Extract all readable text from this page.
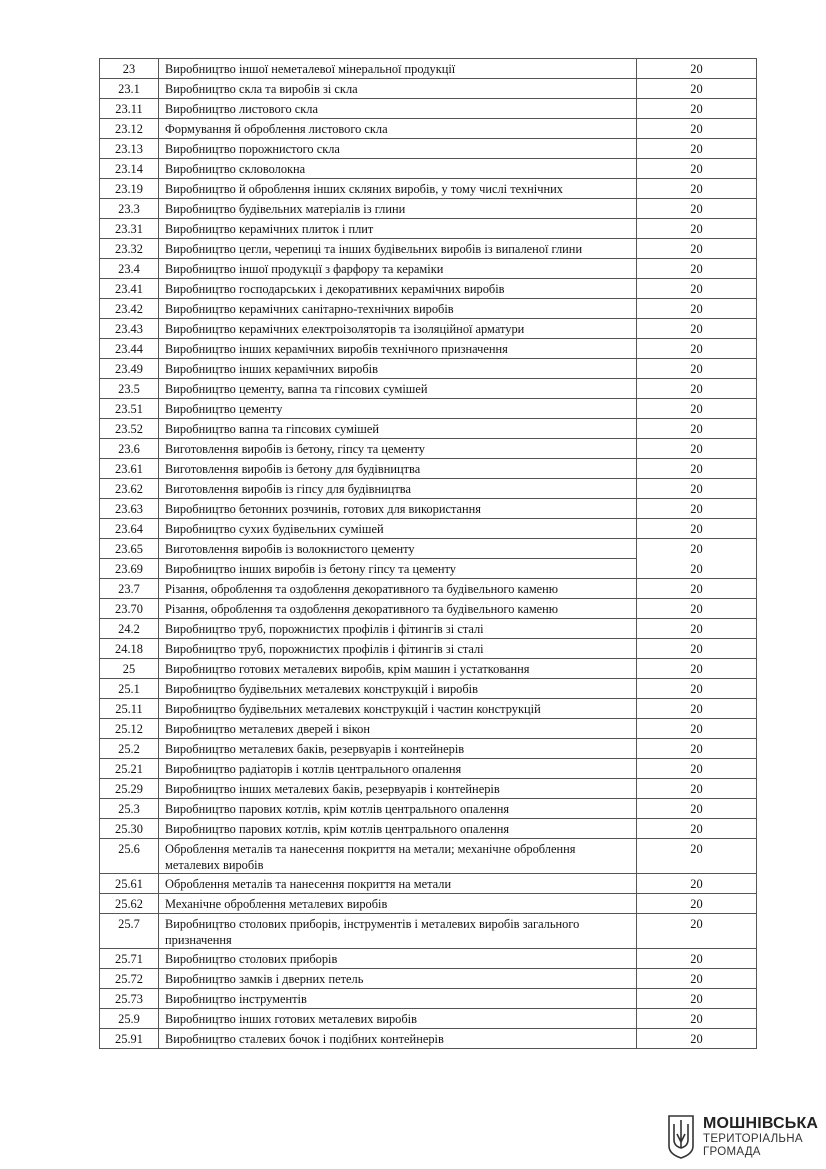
23	Виробництво іншої неметалевої мінеральної продукції	20
23.1	Виробництво скла та виробів зі скла	20
23.11	Виробництво листового скла	20
23.12	Формування й оброблення листового скла	20
23.13	Виробництво порожнистого скла	20
23.14	Виробництво скловолокна	20
23.19	Виробництво й оброблення інших скляних виробів, у тому числі технічних	20
23.3	Виробництво будівельних матеріалів із глини	20
23.31	Виробництво керамічних плиток і плит	20
23.32	Виробництво цегли, черепиці та інших будівельних виробів із випаленої глини	20
23.4	Виробництво іншої продукції з фарфору та кераміки	20
23.41	Виробництво господарських і декоративних керамічних виробів	20
23.42	Виробництво керамічних санітарно-технічних виробів	20
23.43	Виробництво керамічних електроізоляторів та ізоляційної арматури	20
23.44	Виробництво інших керамічних виробів технічного призначення	20
23.49	Виробництво інших керамічних виробів	20
23.5	Виробництво цементу, вапна та гіпсових сумішей	20
23.51	Виробництво цементу	20
23.52	Виробництво вапна та гіпсових сумішей	20
23.6	Виготовлення виробів із бетону, гіпсу та цементу	20
23.61	Виготовлення виробів із бетону для будівництва	20
23.62	Виготовлення виробів із гіпсу для будівництва	20
23.63	Виробництво бетонних розчинів, готових для використання	20
23.64	Виробництво сухих будівельних сумішей	20
23.65	Виготовлення виробів із волокнистого цементу	20
23.69	Виробництво інших виробів із бетону гіпсу та цементу	20
23.7	Різання, оброблення та оздоблення декоративного та будівельного каменю	20
23.70	Різання, оброблення та оздоблення декоративного та будівельного каменю	20
24.2	Виробництво труб, порожнистих профілів і фітингів зі сталі	20
24.18	Виробництво труб, порожнистих профілів і фітингів зі сталі	20
25	Виробництво готових металевих виробів, крім машин і устатковання	20
25.1	Виробництво будівельних металевих конструкцій і виробів	20
25.11	Виробництво будівельних металевих конструкцій і частин конструкцій	20
25.12	Виробництво металевих дверей і вікон	20
25.2	Виробництво металевих баків, резервуарів і контейнерів	20
25.21	Виробництво радіаторів і котлів центрального опалення	20
25.29	Виробництво інших металевих баків, резервуарів і контейнерів	20
25.3	Виробництво парових котлів, крім котлів центрального опалення	20
25.30	Виробництво парових котлів, крім котлів центрального опалення	20
25.6	Оброблення металів та нанесення покриття на метали; механічне оброблення металевих виробів	20
25.61	Оброблення металів та нанесення покриття на метали	20
25.62	Механічне оброблення металевих виробів	20
25.7	Виробництво столових приборів, інструментів і металевих виробів загального призначення	20
25.71	Виробництво столових приборів	20
25.72	Виробництво замків і дверних петель	20
25.73	Виробництво інструментів	20
25.9	Виробництво інших готових металевих виробів	20
25.91	Виробництво сталевих бочок і подібних контейнерів	20
МОШНІВСЬКА
ТЕРИТОРІАЛЬНА
ГРОМАДА
